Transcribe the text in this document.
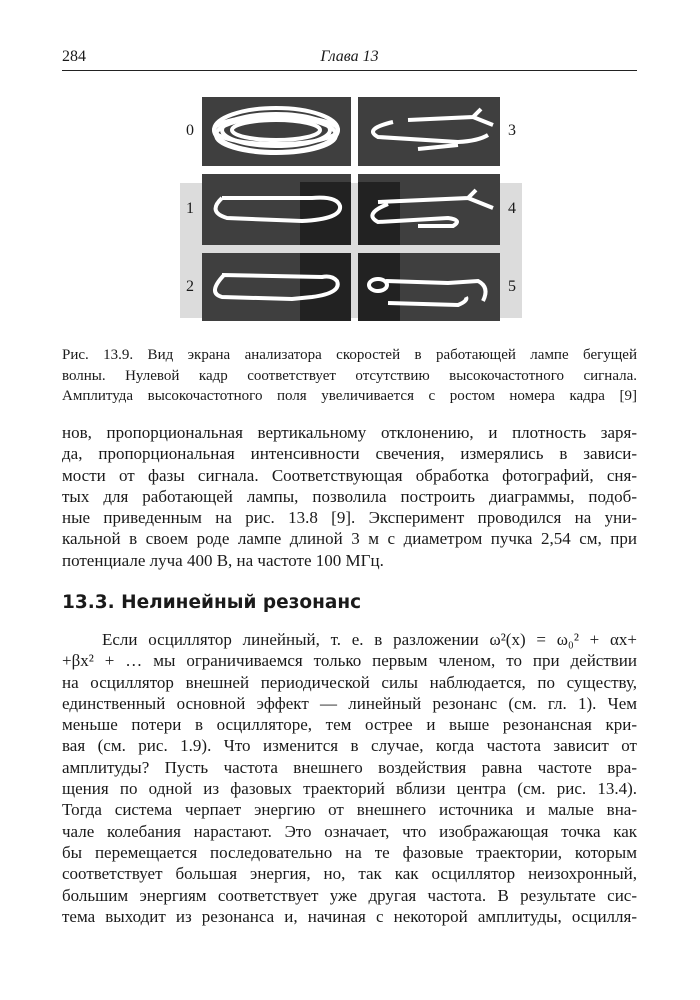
284	Глава 13
0	3
1	4
2	5
Рис. 13.9. Вид экрана анализатора скоростей в работающей лампе бегущей
волны. Нулевой кадр соответствует отсутствию высокочастотного сигнала.
Амплитуда высокочастотного поля увеличивается с ростом номера кадра [9]
нов, пропорциональная вертикальному отклонению, и плотность заря-
да, пропорциональная интенсивности свечения, измерялись в зависи-
мости от фазы сигнала. Соответствующая обработка фотографий, сня-
тых для работающей лампы, позволила построить диаграммы, подоб-
ные приведенным на рис. 13.8 [9]. Эксперимент проводился на уни-
кальной в своем роде лампе длиной 3 м с диаметром пучка 2,54 см, при
потенциале луча 400 В, на частоте 100 МГц.
13.3. Нелинейный резонанс
Если осциллятор линейный, т. е. в разложении ω²(x) = ω₀² + αx+
+βx² + … мы ограничиваемся только первым членом, то при действии
на осциллятор внешней периодической силы наблюдается, по существу,
единственный основной эффект — линейный резонанс (см. гл. 1). Чем
меньше потери в осцилляторе, тем острее и выше резонансная кри-
вая (см. рис. 1.9). Что изменится в случае, когда частота зависит от
амплитуды? Пусть частота внешнего воздействия равна частоте вра-
щения по одной из фазовых траекторий вблизи центра (см. рис. 13.4).
Тогда система черпает энергию от внешнего источника и малые вна-
чале колебания нарастают. Это означает, что изображающая точка как
бы перемещается последовательно на те фазовые траектории, которым
соответствует большая энергия, но, так как осциллятор неизохронный,
большим энергиям соответствует уже другая частота. В результате сис-
тема выходит из резонанса и, начиная с некоторой амплитуды, осцилля-
